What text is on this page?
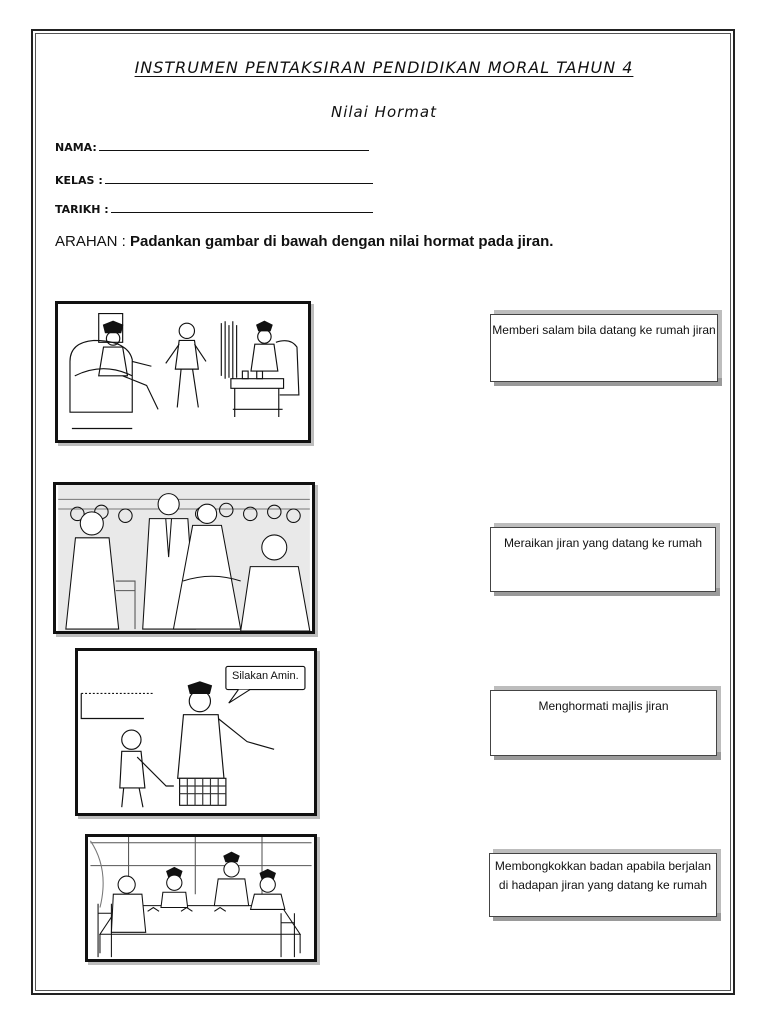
INSTRUMEN PENTAKSIRAN PENDIDIKAN MORAL TAHUN 4
Nilai Hormat
NAMA:
KELAS :
TARIKH :
ARAHAN : Padankan gambar di bawah dengan nilai hormat pada jiran.
Silakan Amin.
Memberi salam bila datang ke rumah jiran
Meraikan jiran yang datang ke rumah
Menghormati majlis jiran
Membongkokkan badan apabila berjalan di hadapan jiran yang datang ke rumah
